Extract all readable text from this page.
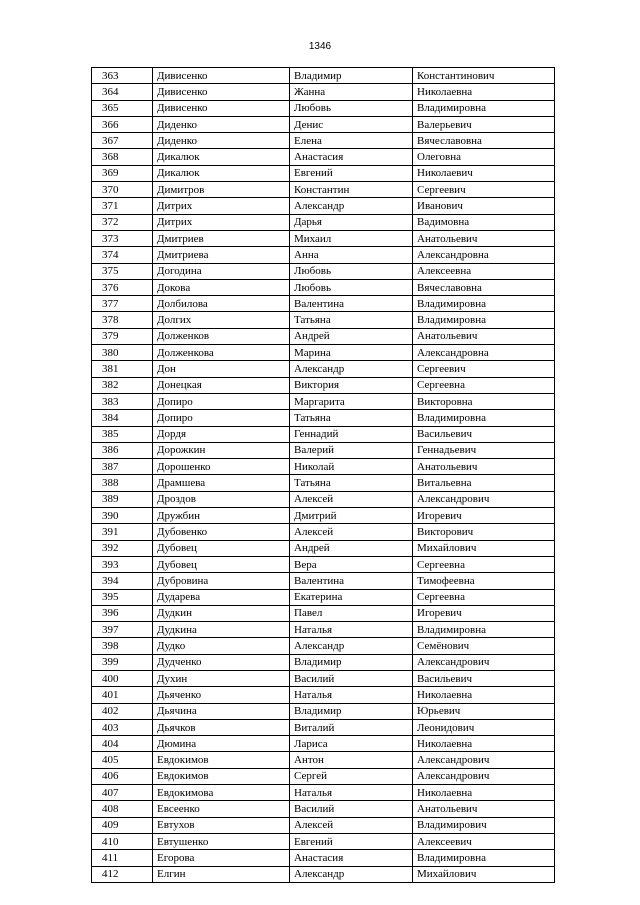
1346
363	Дивисенко	Владимир	Константинович
364	Дивисенко	Жанна	Николаевна
365	Дивисенко	Любовь	Владимировна
366	Диденко	Денис	Валерьевич
367	Диденко	Елена	Вячеславовна
368	Дикалюк	Анастасия	Олеговна
369	Дикалюк	Евгений	Николаевич
370	Димитров	Константин	Сергеевич
371	Дитрих	Александр	Иванович
372	Дитрих	Дарья	Вадимовна
373	Дмитриев	Михаил	Анатольевич
374	Дмитриева	Анна	Александровна
375	Догодина	Любовь	Алексеевна
376	Докова	Любовь	Вячеславовна
377	Долбилова	Валентина	Владимировна
378	Долгих	Татьяна	Владимировна
379	Долженков	Андрей	Анатольевич
380	Долженкова	Марина	Александровна
381	Дон	Александр	Сергеевич
382	Донецкая	Виктория	Сергеевна
383	Допиро	Маргарита	Викторовна
384	Допиро	Татьяна	Владимировна
385	Дордя	Геннадий	Васильевич
386	Дорожкин	Валерий	Геннадьевич
387	Дорошенко	Николай	Анатольевич
388	Драмшева	Татьяна	Витальевна
389	Дроздов	Алексей	Александрович
390	Дружбин	Дмитрий	Игоревич
391	Дубовенко	Алексей	Викторович
392	Дубовец	Андрей	Михайлович
393	Дубовец	Вера	Сергеевна
394	Дубровина	Валентина	Тимофеевна
395	Дударева	Екатерина	Сергеевна
396	Дудкин	Павел	Игоревич
397	Дудкина	Наталья	Владимировна
398	Дудко	Александр	Семёнович
399	Дудченко	Владимир	Александрович
400	Духин	Василий	Васильевич
401	Дьяченко	Наталья	Николаевна
402	Дьячина	Владимир	Юрьевич
403	Дьячков	Виталий	Леонидович
404	Дюмина	Лариса	Николаевна
405	Евдокимов	Антон	Александрович
406	Евдокимов	Сергей	Александрович
407	Евдокимова	Наталья	Николаевна
408	Евсеенко	Василий	Анатольевич
409	Евтухов	Алексей	Владимирович
410	Евтушенко	Евгений	Алексеевич
411	Егорова	Анастасия	Владимировна
412	Елгин	Александр	Михайлович
